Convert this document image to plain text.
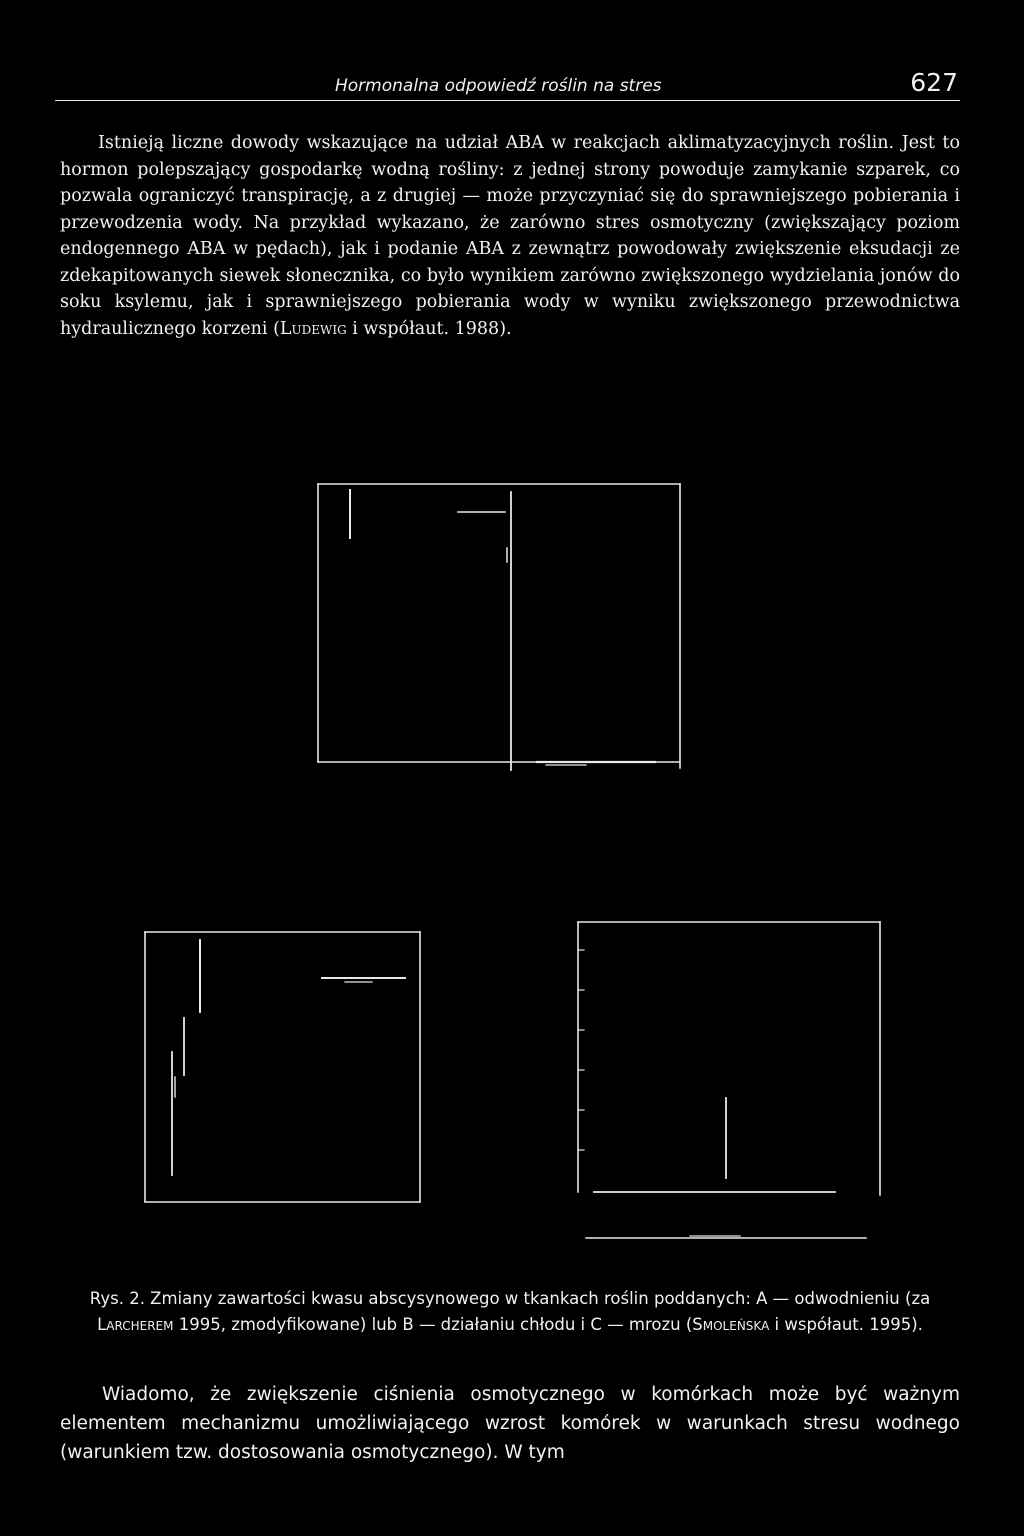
Hormonalna odpowiedź roślin na stres	627

Istnieją liczne dowody wskazujące na udział ABA w reakcjach aklimatyzacyjnych roślin. Jest to hormon polepszający gospodarkę wodną rośliny: z jednej strony powoduje zamykanie szparek, co pozwala ograniczyć transpirację, a z drugiej — może przyczyniać się do sprawniejszego pobierania i przewodzenia wody. Na przykład wykazano, że zarówno stres osmotyczny (zwiększający poziom endogennego ABA w pędach), jak i podanie ABA z zewnątrz powodowały zwiększenie eksudacji ze zdekapitowanych siewek słonecznika, co było wynikiem zarówno zwiększonego wydzielania jonów do soku ksylemu, jak i sprawniejszego pobierania wody w wyniku zwiększonego przewodnictwa hydraulicznego korzeni (Ludewig i współaut. 1988).

Rys. 2. Zmiany zawartości kwasu abscysynowego w tkankach roślin poddanych: A — odwodnieniu (za Larcherem 1995, zmodyfikowane) lub B — działaniu chłodu i C — mrozu (Smoleńska i współaut. 1995).

Wiadomo, że zwiększenie ciśnienia osmotycznego w komórkach może być ważnym elementem mechanizmu umożliwiającego wzrost komórek w warunkach stresu wodnego (warunkiem tzw. dostosowania osmotycznego). W tym
